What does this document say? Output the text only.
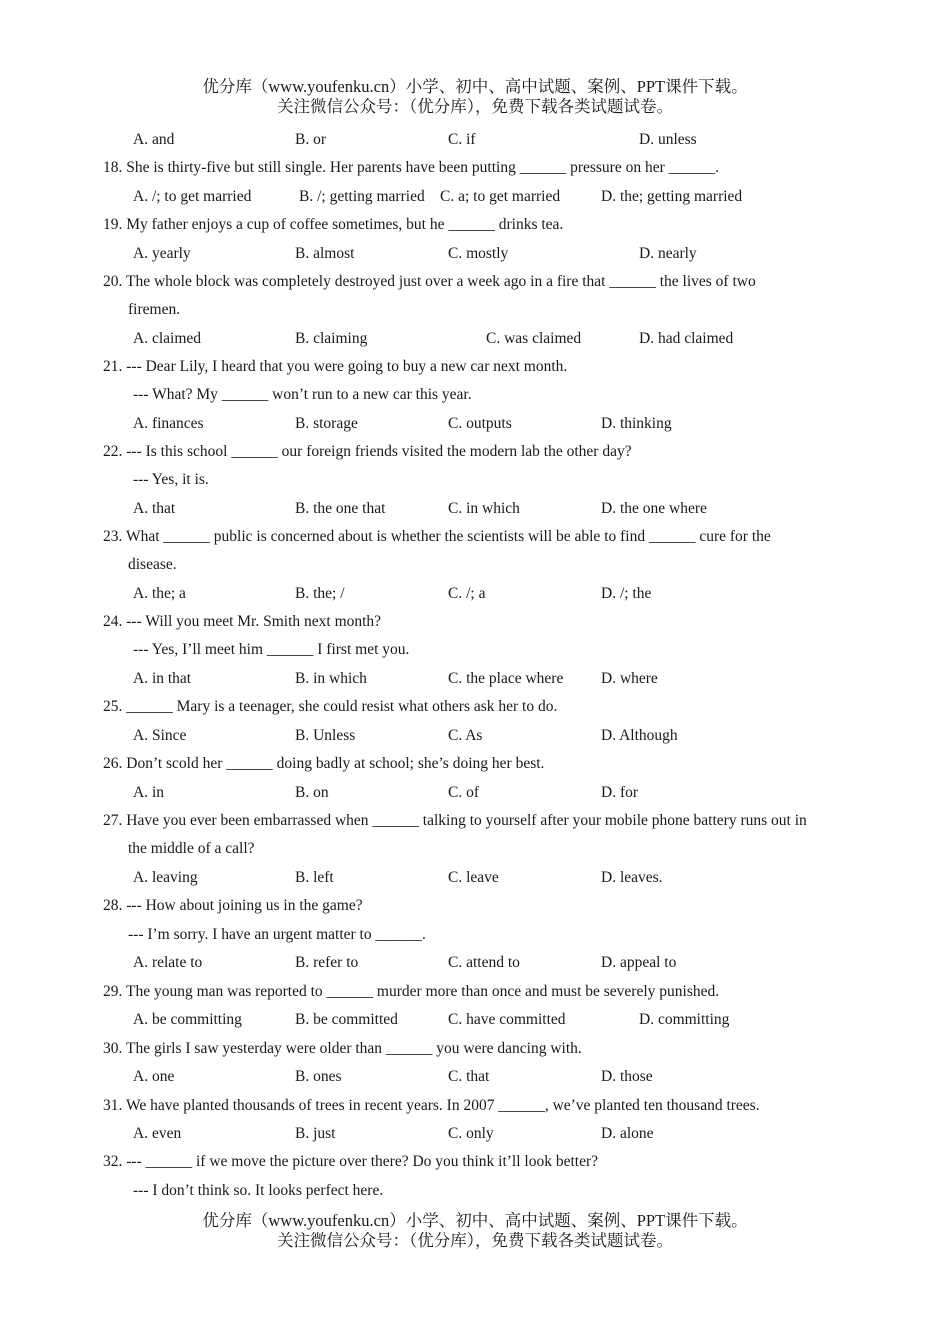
优分库（www.youfenku.cn）小学、初中、高中试题、案例、PPT课件下载。
关注微信公众号：（优分库），免费下载各类试题试卷。
A. and	B. or	C. if	D. unless
18. She is thirty-five but still single. Her parents have been putting ______ pressure on her ______.
A. /; to get married	B. /; getting married C. a; to get married	D. the; getting married
19. My father enjoys a cup of coffee sometimes, but he ______ drinks tea.
A. yearly	B. almost	C. mostly	D. nearly
20. The whole block was completely destroyed just over a week ago in a fire that ______ the lives of two
firemen.
A. claimed	B. claiming	C. was claimed	D. had claimed
21. --- Dear Lily, I heard that you were going to buy a new car next month.
--- What? My ______ won’t run to a new car this year.
A. finances	B. storage	C. outputs	D. thinking
22. --- Is this school ______ our foreign friends visited the modern lab the other day?
--- Yes, it is.
A. that	B. the one that	C. in which	D. the one where
23. What ______ public is concerned about is whether the scientists will be able to find ______ cure for the
disease.
A. the; a	B. the; /	C. /; a	D. /; the
24. --- Will you meet Mr. Smith next month?
--- Yes, I’ll meet him ______ I first met you.
A. in that	B. in which	C. the place where D. where
25. ______ Mary is a teenager, she could resist what others ask her to do.
A. Since	B. Unless	C. As	D. Although
26. Don’t scold her ______ doing badly at school; she’s doing her best.
A. in	B. on	C. of	D. for
27. Have you ever been embarrassed when ______ talking to yourself after your mobile phone battery runs out in
the middle of a call?
A. leaving	B. left	C. leave	D. leaves.
28. --- How about joining us in the game?
--- I’m sorry. I have an urgent matter to ______.
A. relate to	B. refer to	C. attend to	D. appeal to
29. The young man was reported to ______ murder more than once and must be severely punished.
A. be committing	B. be committed	C. have committed	D. committing
30. The girls I saw yesterday were older than ______ you were dancing with.
A. one	B. ones	C. that	D. those
31. We have planted thousands of trees in recent years. In 2007 ______, we’ve planted ten thousand trees.
A. even	B. just	C. only	D. alone
32. --- ______ if we move the picture over there? Do you think it’ll look better?
--- I don’t think so. It looks perfect here.
优分库（www.youfenku.cn）小学、初中、高中试题、案例、PPT课件下载。
关注微信公众号：（优分库），免费下载各类试题试卷。
